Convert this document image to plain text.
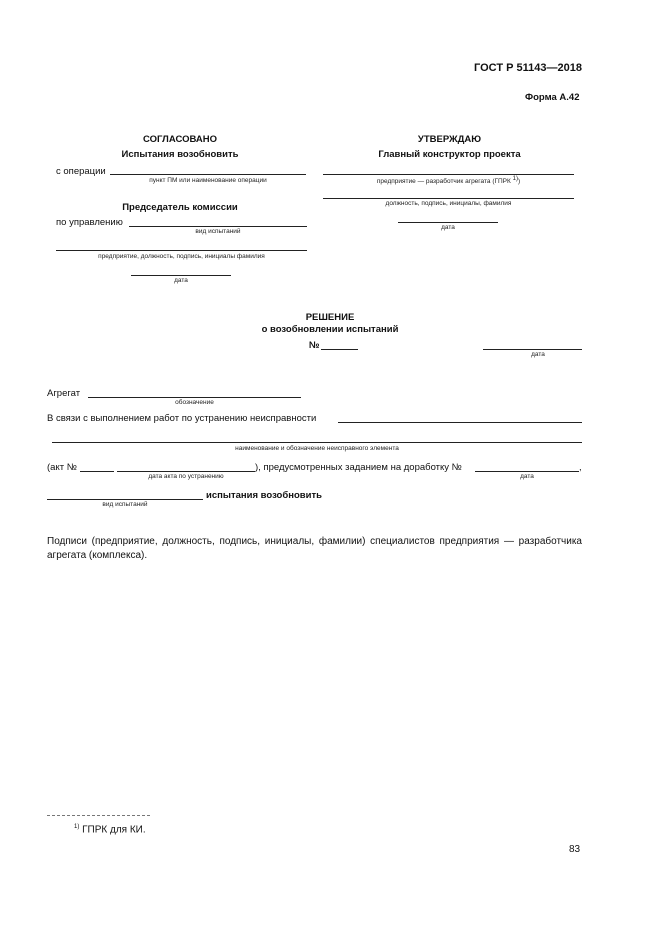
ГОСТ Р 51143—2018
Форма А.42
СОГЛАСОВАНО
Испытания возобновить
с операции
пункт ПМ или наименование операции
Председатель комиссии
по управлению
вид испытаний
предприятие, должность, подпись, инициалы фамилия
дата
УТВЕРЖДАЮ
Главный конструктор проекта
предприятие — разработчик агрегата (ГПРК $^{1)}$)
должность, подпись, инициалы, фамилия
дата
РЕШЕНИЕ
о возобновлении испытаний
№
дата
Агрегат
обозначение
В связи с выполнением работ по устранению неисправности
наименование и обозначение неисправного элемента
(акт №
дата акта по устранению
), предусмотренных заданием на доработку №	,
дата
испытания возобновить
вид испытаний
Подписи (предприятие, должность, подпись, инициалы, фамилии) специалистов предприятия — разработчика агрегата (комплекса).
$^{1)}$ ГПРК для КИ.
83
